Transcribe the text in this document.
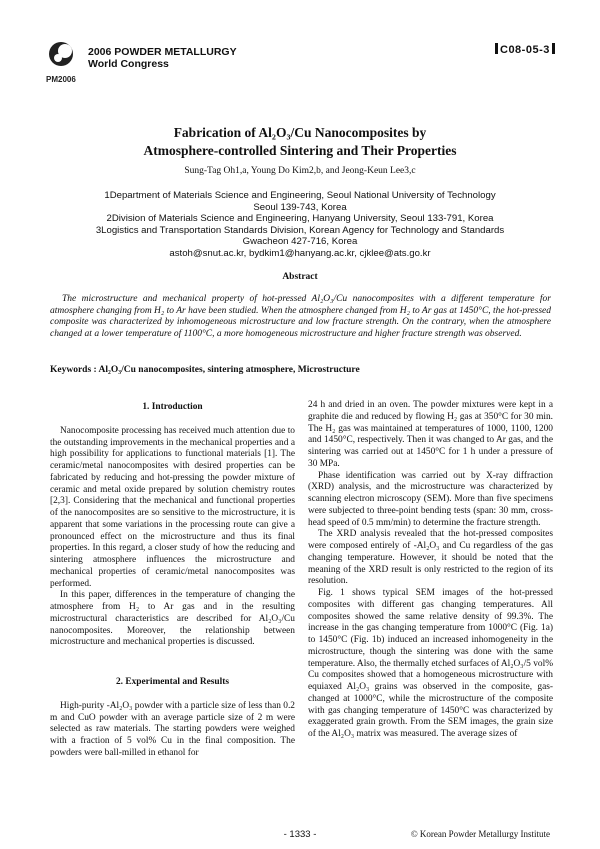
PM2006
2006 POWDER METALLURGY
World Congress
C08-05-3
Fabrication of Al₂O₃/Cu Nanocomposites by
Atmosphere-controlled Sintering and Their Properties
Sung-Tag Oh1,a, Young Do Kim2,b, and Jeong-Keun Lee3,c
1Department of Materials Science and Engineering, Seoul National University of Technology
Seoul 139-743, Korea
2Division of Materials Science and Engineering, Hanyang University, Seoul 133-791, Korea
3Logistics and Transportation Standards Division, Korean Agency for Technology and Standards
Gwacheon 427-716, Korea
astoh@snut.ac.kr, bydkim1@hanyang.ac.kr, cjklee@ats.go.kr
Abstract
The microstructure and mechanical property of hot-pressed Al₂O₃/Cu nanocomposites with a different temperature for atmosphere changing from H₂ to Ar have been studied. When the atmosphere changed from H₂ to Ar gas at 1450°C, the hot-pressed composite was characterized by inhomogeneous microstructure and low fracture strength. On the contrary, when the atmosphere changed at a lower temperature of 1100°C, a more homogeneous microstructure and higher fracture strength was observed.
Keywords : Al₂O₃/Cu nanocomposites, sintering atmosphere, Microstructure
1. Introduction

Nanocomposite processing has received much attention due to the outstanding improvements in the mechanical properties and a high possibility for applications to functional materials [1]. The ceramic/metal nanocomposites with desired properties can be fabricated by reducing and hot-pressing the powder mixture of ceramic and metal oxide prepared by solution chemistry routes [2,3]. Considering that the mechanical and functional properties of the nanocomposites are so sensitive to the microstructure, it is apparent that some variations in the processing route can give a pronounced effect on the microstructure and thus its final properties. In this regard, a closer study of how the reducing and sintering atmosphere influences the microstructure and mechanical properties of ceramic/metal nanocomposites was performed.

In this paper, differences in the temperature of changing the atmosphere from H₂ to Ar gas and in the resulting microstructural characteristics are described for Al₂O₃/Cu nanocomposites. Moreover, the relationship between microstructure and mechanical properties is discussed.

2. Experimental and Results

High-purity -Al₂O₃ powder with a particle size of less than 0.2 m and CuO powder with an average particle size of 2 m were selected as raw materials. The starting powders were weighed with a fraction of 5 vol% Cu in the final composition. The powders were ball-milled in ethanol for

24 h and dried in an oven. The powder mixtures were kept in a graphite die and reduced by flowing H₂ gas at 350°C for 30 min. The H₂ gas was maintained at temperatures of 1000, 1100, 1200 and 1450°C, respectively. Then it was changed to Ar gas, and the sintering was carried out at 1450°C for 1 h under a pressure of 30 MPa.

Phase identification was carried out by X-ray diffraction (XRD) analysis, and the microstructure was characterized by scanning electron microscopy (SEM). More than five specimens were subjected to three-point bending tests (span: 30 mm, cross-head speed of 0.5 mm/min) to determine the fracture strength.

The XRD analysis revealed that the hot-pressed composites were composed entirely of -Al₂O₃ and Cu regardless of the gas changing temperature. However, it should be noted that the meaning of the XRD result is only restricted to the region of its resolution.

Fig. 1 shows typical SEM images of the hot-pressed composites with different gas changing temperatures. All composites showed the same relative density of 99.3%. The increase in the gas changing temperature from 1000°C (Fig. 1a) to 1450°C (Fig. 1b) induced an increased inhomogeneity in the microstructure, though the sintering was done with the same temperature. Also, the thermally etched surfaces of Al₂O₃/5 vol% Cu composites showed that a homogeneous microstructure with equiaxed Al₂O₃ grains was observed in the composite, gas-changed at 1000°C, while the microstructure of the composite with gas changing temperature of 1450°C was characterized by exaggerated grain growth. From the SEM images, the grain size of the Al₂O₃ matrix was measured. The average sizes of

- 1333 -	© Korean Powder Metallurgy Institute
